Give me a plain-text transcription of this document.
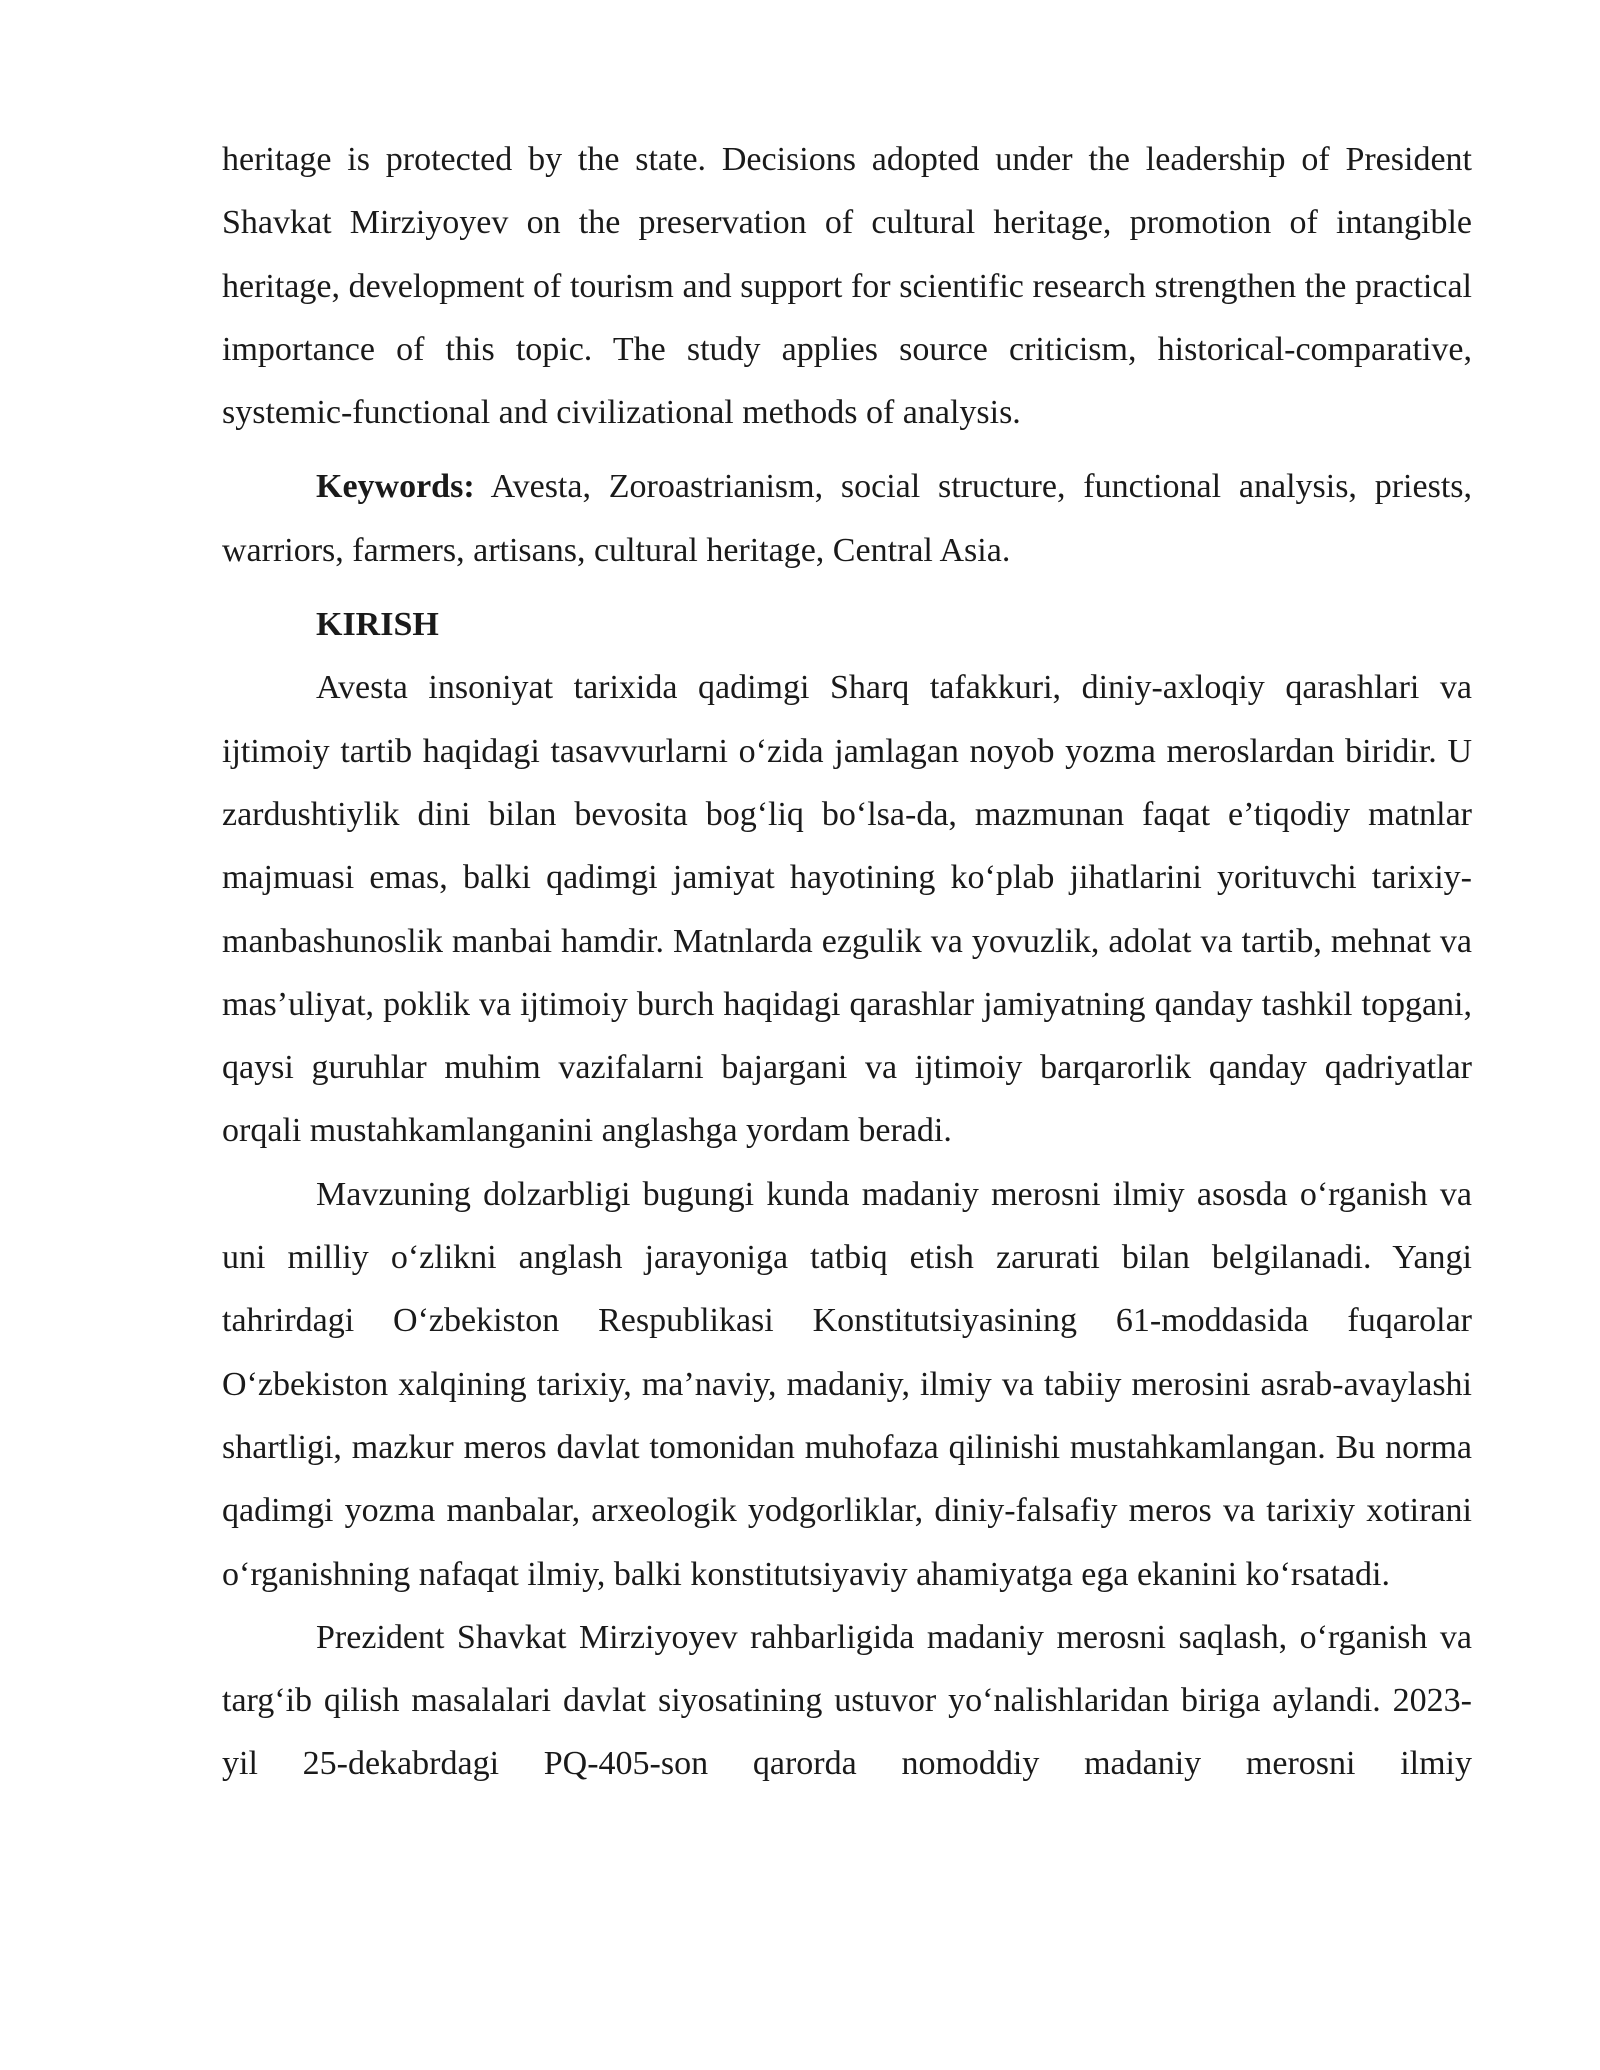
heritage is protected by the state. Decisions adopted under the leadership of President Shavkat Mirziyoyev on the preservation of cultural heritage, promotion of intangible heritage, development of tourism and support for scientific research strengthen the practical importance of this topic. The study applies source criticism, historical-comparative, systemic-functional and civilizational methods of analysis.

Keywords: Avesta, Zoroastrianism, social structure, functional analysis, priests, warriors, farmers, artisans, cultural heritage, Central Asia.

KIRISH

Avesta insoniyat tarixida qadimgi Sharq tafakkuri, diniy-axloqiy qarashlari va ijtimoiy tartib haqidagi tasavvurlarni o‘zida jamlagan noyob yozma meroslardan biridir. U zardushtiylik dini bilan bevosita bog‘liq bo‘lsa-da, mazmunan faqat e’tiqodiy matnlar majmuasi emas, balki qadimgi jamiyat hayotining ko‘plab jihatlarini yorituvchi tarixiy-manbashunoslik manbai hamdir. Matnlarda ezgulik va yovuzlik, adolat va tartib, mehnat va mas’uliyat, poklik va ijtimoiy burch haqidagi qarashlar jamiyatning qanday tashkil topgani, qaysi guruhlar muhim vazifalarni bajargani va ijtimoiy barqarorlik qanday qadriyatlar orqali mustahkamlanganini anglashga yordam beradi.

Mavzuning dolzarbligi bugungi kunda madaniy merosni ilmiy asosda o‘rganish va uni milliy o‘zlikni anglash jarayoniga tatbiq etish zarurati bilan belgilanadi. Yangi tahrirdagi O‘zbekiston Respublikasi Konstitutsiyasining 61-moddasida fuqarolar O‘zbekiston xalqining tarixiy, ma’naviy, madaniy, ilmiy va tabiiy merosini asrab-avaylashi shartligi, mazkur meros davlat tomonidan muhofaza qilinishi mustahkamlangan. Bu norma qadimgi yozma manbalar, arxeologik yodgorliklar, diniy-falsafiy meros va tarixiy xotirani o‘rganishning nafaqat ilmiy, balki konstitutsiyaviy ahamiyatga ega ekanini ko‘rsatadi.

Prezident Shavkat Mirziyoyev rahbarligida madaniy merosni saqlash, o‘rganish va targ‘ib qilish masalalari davlat siyosatining ustuvor yo‘nalishlaridan biriga aylandi. 2023-yil 25-dekabrdagi PQ-405-son qarorda nomoddiy madaniy merosni ilmiy
